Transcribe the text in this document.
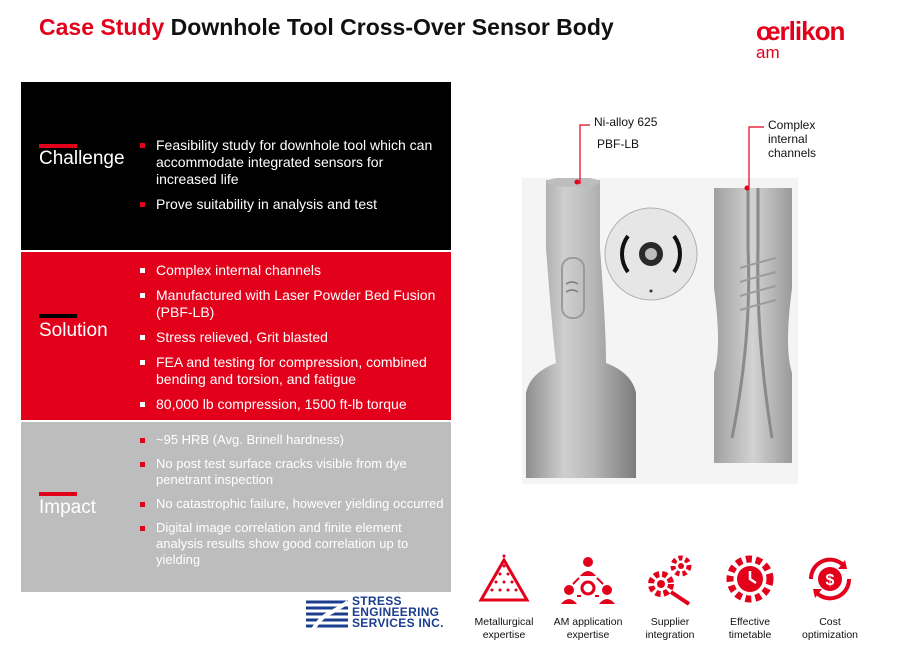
Case Study Downhole Tool Cross-Over Sensor Body	œrlikon
am
Challenge
Feasibility study for downhole tool which can accommodate integrated sensors for increased life
Prove suitability in analysis and test
Solution
Complex internal channels
Manufactured with Laser Powder Bed Fusion (PBF-LB)
Stress relieved, Grit blasted
FEA and testing for compression, combined bending and torsion, and fatigue
80,000 lb compression, 1500 ft-lb torque
Impact
~95 HRB (Avg. Brinell hardness)
No post test surface cracks visible from dye penetrant inspection
No catastrophic failure, however yielding occurred
Digital image correlation and finite element analysis results show good correlation up to yielding
STRESS
ENGINEERING
SERVICES INC.
Ni-alloy 625
PBF-LB
Complex internal channels
Metallurgical expertise
AM application expertise
Supplier integration
Effective timetable
$
Cost optimization
